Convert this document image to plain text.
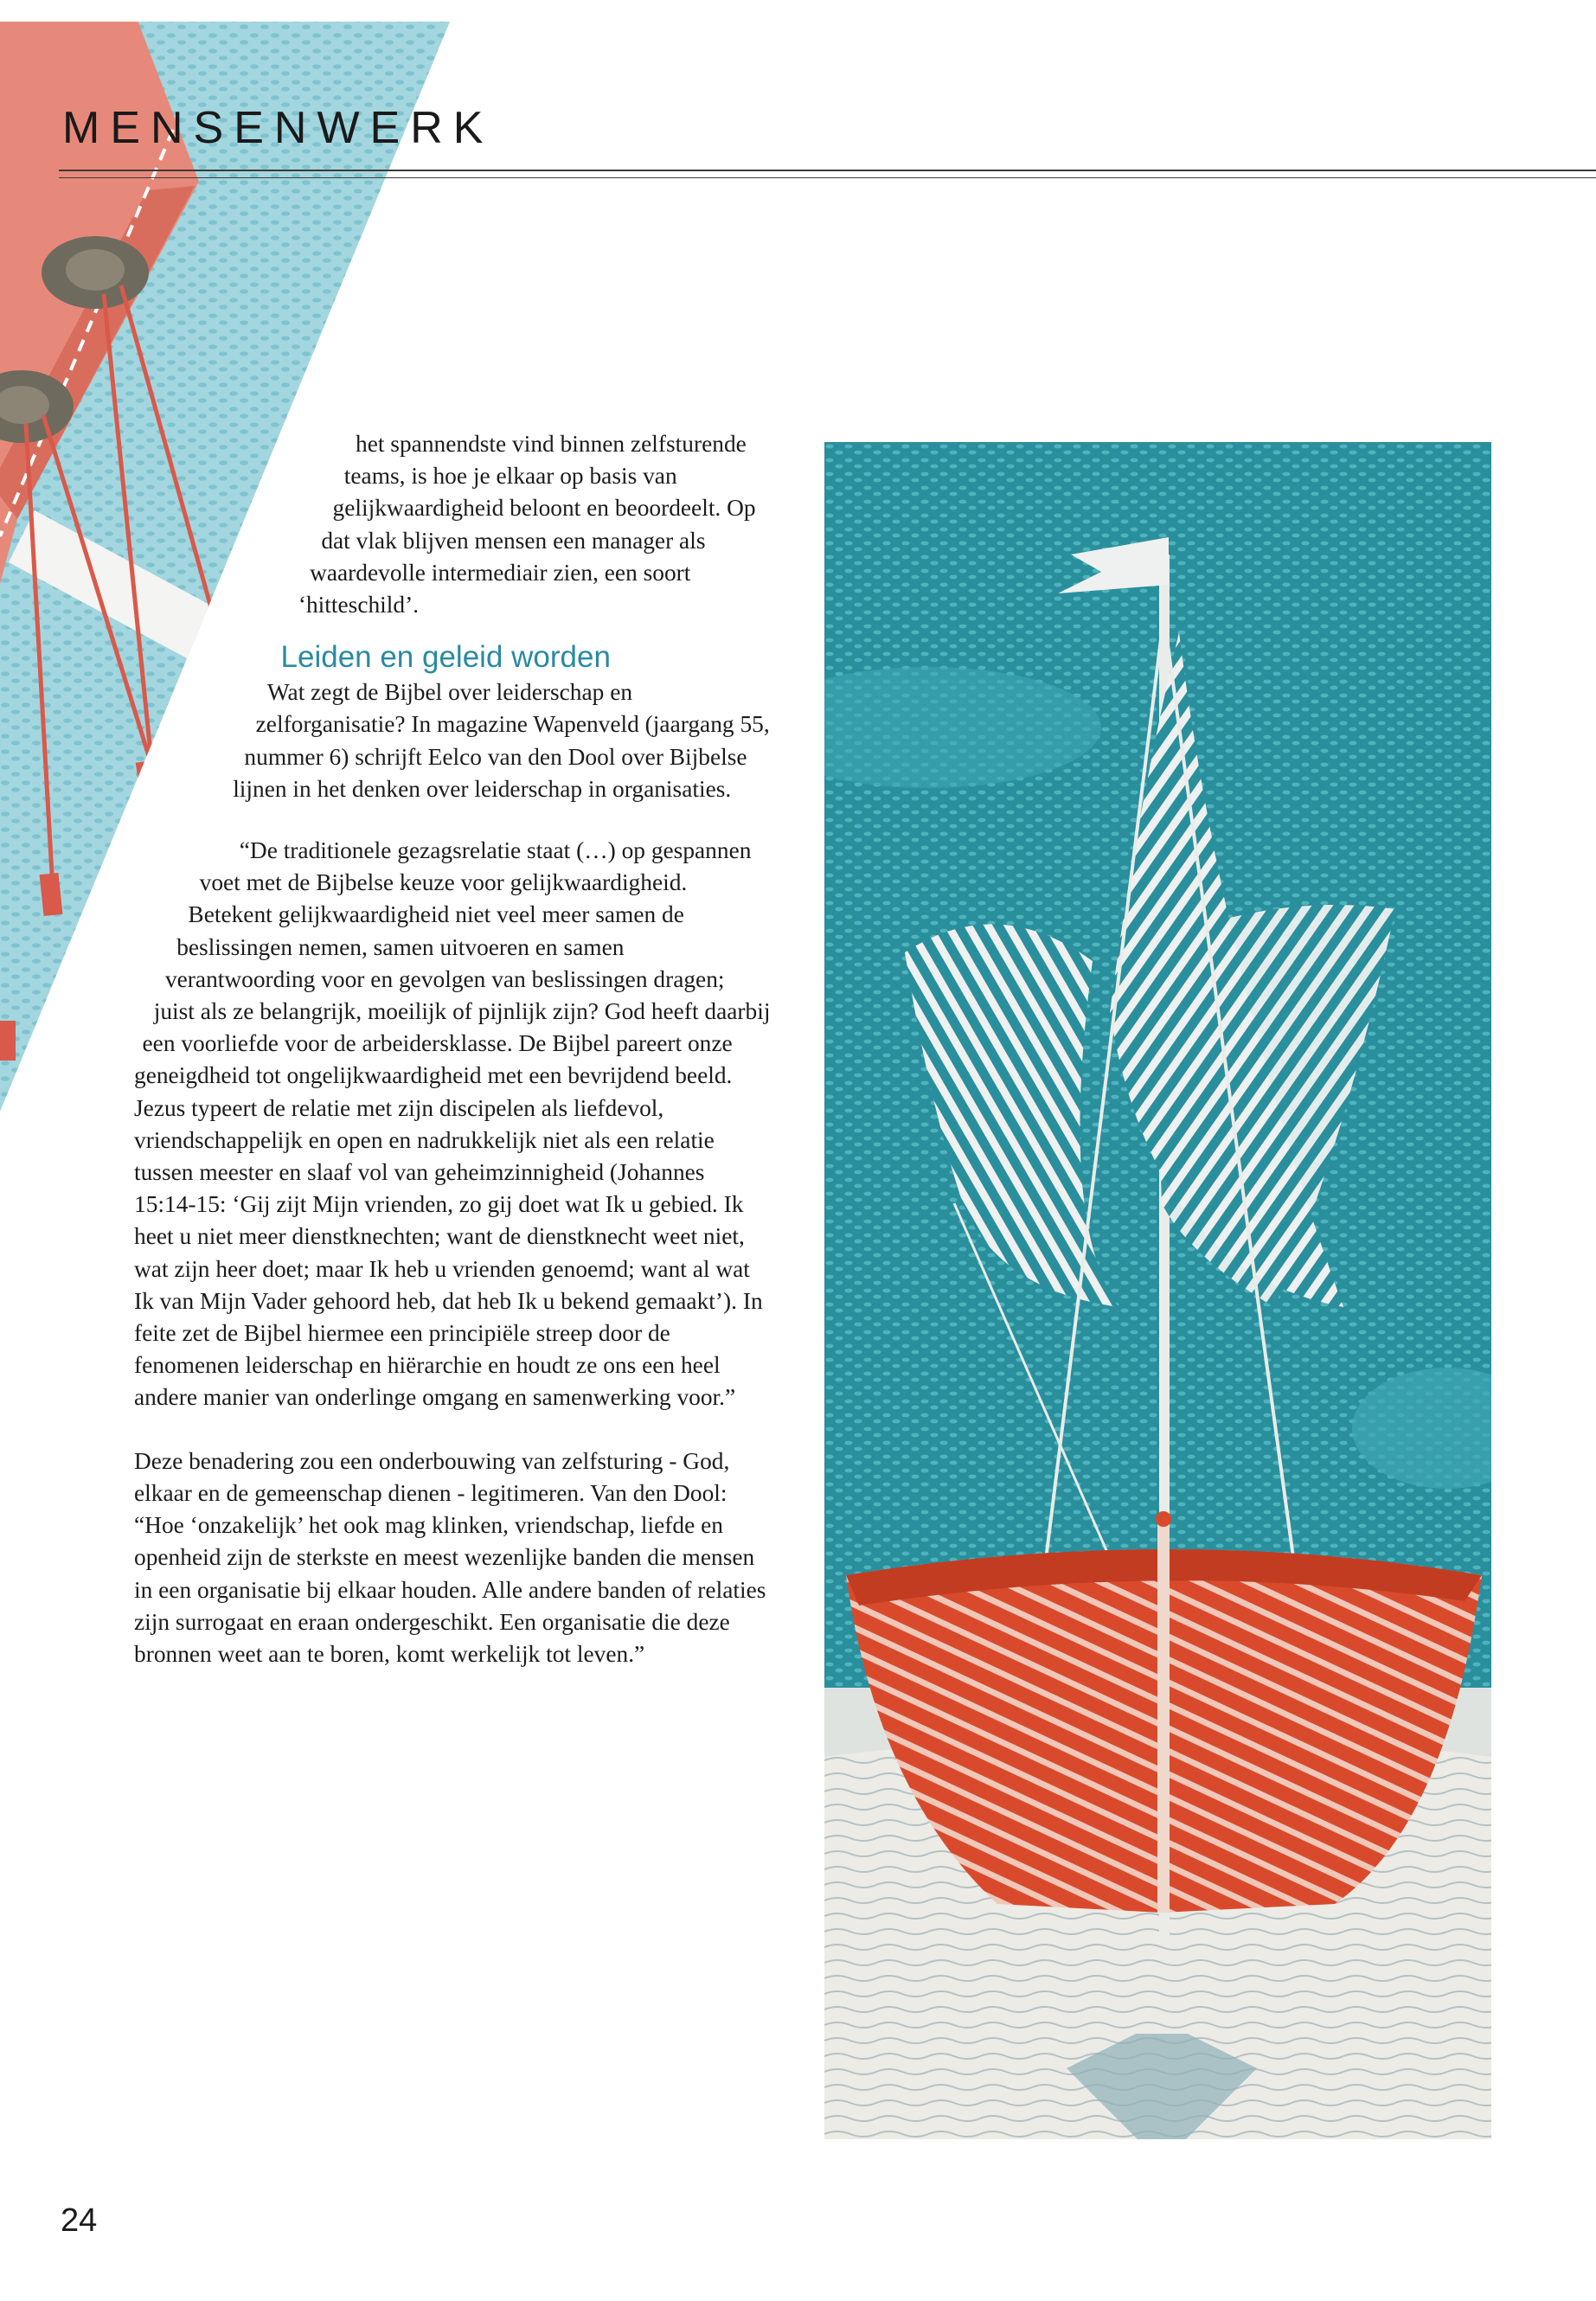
MENSENWERK

het spannendste vind binnen zelfsturende teams, is hoe je elkaar op basis van gelijkwaardigheid beloont en beoordeelt. Op dat vlak blijven mensen een manager als waardevolle intermediair zien, een soort ‘hitteschild’.

Leiden en geleid worden

Wat zegt de Bijbel over leiderschap en zelforganisatie? In magazine Wapenveld (jaargang 55, nummer 6) schrijft Eelco van den Dool over Bijbelse lijnen in het denken over leiderschap in organisaties.

“De traditionele gezagsrelatie staat (…) op gespannen voet met de Bijbelse keuze voor gelijkwaardigheid. Betekent gelijkwaardigheid niet veel meer samen de beslissingen nemen, samen uitvoeren en samen verantwoording voor en gevolgen van beslissingen dragen; juist als ze belangrijk, moeilijk of pijnlijk zijn? God heeft daarbij een voorliefde voor de arbeidersklasse. De Bijbel pareert onze geneigdheid tot ongelijkwaardigheid met een bevrijdend beeld. Jezus typeert de relatie met zijn discipelen als liefdevol, vriendschappelijk en open en nadrukkelijk niet als een relatie tussen meester en slaaf vol van geheimzinnigheid (Johannes 15:14-15: ‘Gij zijt Mijn vrienden, zo gij doet wat Ik u gebied. Ik heet u niet meer dienstknechten; want de dienstknecht weet niet, wat zijn heer doet; maar Ik heb u vrienden genoemd; want al wat Ik van Mijn Vader gehoord heb, dat heb Ik u bekend gemaakt’). In feite zet de Bijbel hiermee een principiële streep door de fenomenen leiderschap en hiërarchie en houdt ze ons een heel andere manier van onderlinge omgang en samenwerking voor.”

Deze benadering zou een onderbouwing van zelfsturing - God, elkaar en de gemeenschap dienen - legitimeren. Van den Dool: “Hoe ‘onzakelijk’ het ook mag klinken, vriendschap, liefde en openheid zijn de sterkste en meest wezenlijke banden die mensen in een organisatie bij elkaar houden. Alle andere banden of relaties zijn surrogaat en eraan ondergeschikt. Een organisatie die deze bronnen weet aan te boren, komt werkelijk tot leven.”

24
